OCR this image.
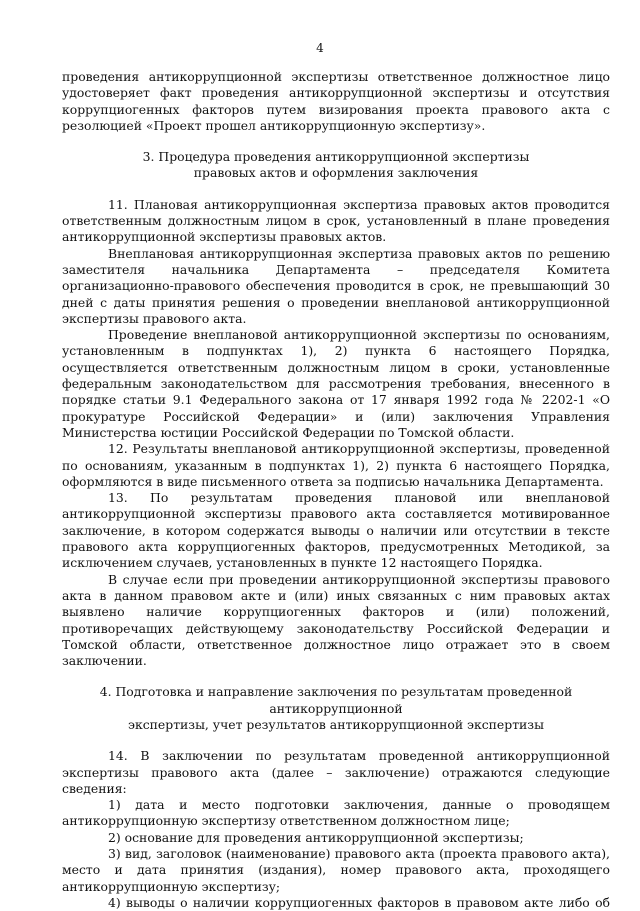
4

проведения антикоррупционной экспертизы ответственное должностное лицо удостоверяет факт проведения антикоррупционной экспертизы и отсутствия коррупциогенных факторов путем визирования проекта правового акта с резолюцией «Проект прошел антикоррупционную экспертизу».

3. Процедура проведения антикоррупционной экспертизы

правовых актов и оформления заключения

11. Плановая антикоррупционная экспертиза правовых актов проводится ответственным должностным лицом в срок, установленный в плане проведения антикоррупционной экспертизы правовых актов.

Внеплановая антикоррупционная экспертиза правовых актов по решению заместителя начальника Департамента – председателя Комитета организационно-правового обеспечения проводится в срок, не превышающий 30 дней с даты принятия решения о проведении внеплановой антикоррупционной экспертизы правового акта.

Проведение внеплановой антикоррупционной экспертизы по основаниям, установленным в подпунктах 1), 2) пункта 6 настоящего Порядка, осуществляется ответственным должностным лицом в сроки, установленные федеральным законодательством для рассмотрения требования, внесенного в порядке статьи 9.1 Федерального закона от 17 января 1992 года № 2202-1 «О прокуратуре Российской Федерации» и (или) заключения Управления Министерства юстиции Российской Федерации по Томской области.

12. Результаты внеплановой антикоррупционной экспертизы, проведенной по основаниям, указанным в подпунктах 1), 2) пункта 6 настоящего Порядка, оформляются в виде письменного ответа за подписью начальника Департамента.

13. По результатам проведения плановой или внеплановой антикоррупционной экспертизы правового акта составляется мотивированное заключение, в котором содержатся выводы о наличии или отсутствии в тексте правового акта коррупциогенных факторов, предусмотренных Методикой, за исключением случаев, установленных в пункте 12 настоящего Порядка.

В случае если при проведении антикоррупционной экспертизы правового акта в данном правовом акте и (или) иных связанных с ним правовых актах выявлено наличие коррупциогенных факторов и (или) положений, противоречащих действующему законодательству Российской Федерации и Томской области, ответственное должностное лицо отражает это в своем заключении.

4. Подготовка и направление заключения по результатам проведенной антикоррупционной

экспертизы, учет результатов антикоррупционной экспертизы

14. В заключении по результатам проведенной антикоррупционной экспертизы правового акта (далее – заключение) отражаются следующие сведения:

1) дата и место подготовки заключения, данные о проводящем антикоррупционную экспертизу ответственном должностном лице;

2) основание для проведения антикоррупционной экспертизы;

3) вид, заголовок (наименование) правового акта (проекта правового акта), место и дата принятия (издания), номер правового акта, проходящего антикоррупционную экспертизу;

4) выводы о наличии коррупциогенных факторов в правовом акте либо об
